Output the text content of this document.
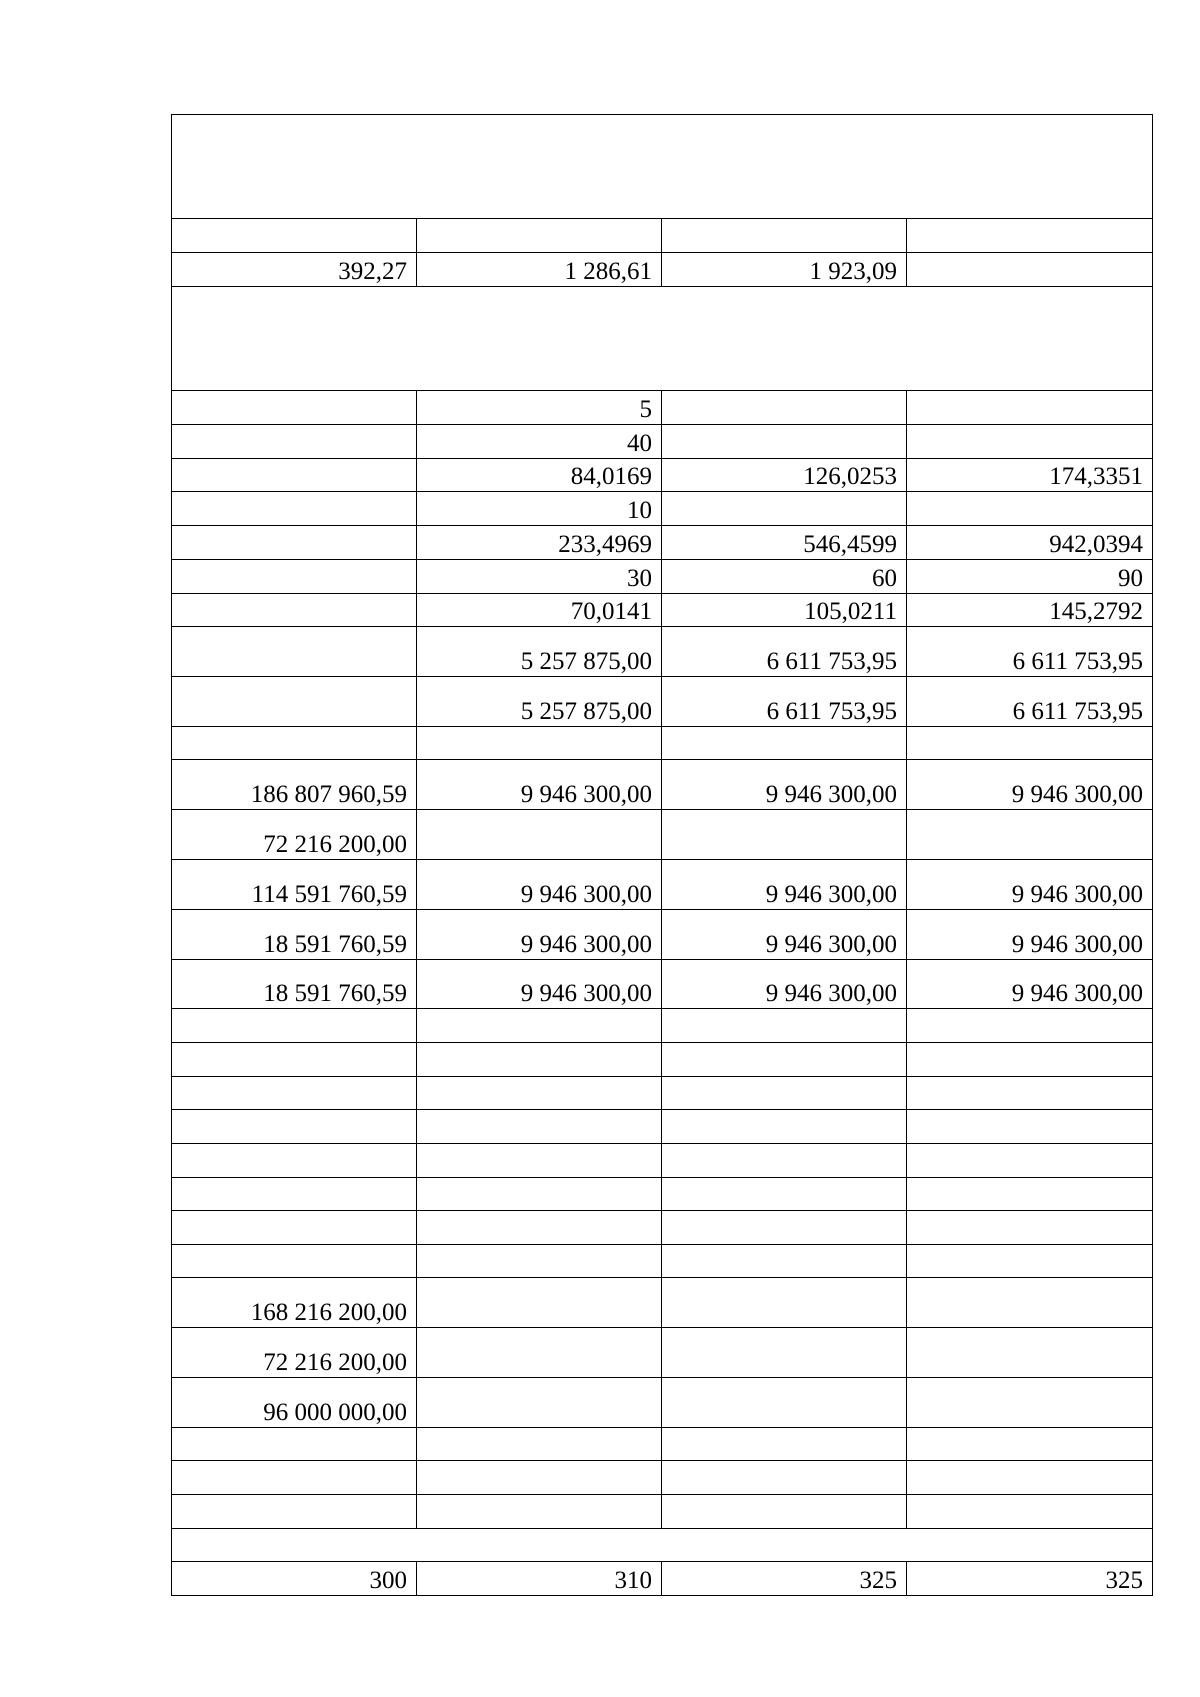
392,27	1 286,61	1 923,09	

	5		
	40		
	84,0169	126,0253	174,3351
	10		
	233,4969	546,4599	942,0394
	30	60	90
	70,0141	105,0211	145,2792
	5 257 875,00	6 611 753,95	6 611 753,95
	5 257 875,00	6 611 753,95	6 611 753,95

186 807 960,59	9 946 300,00	9 946 300,00	9 946 300,00
72 216 200,00			
114 591 760,59	9 946 300,00	9 946 300,00	9 946 300,00
18 591 760,59	9 946 300,00	9 946 300,00	9 946 300,00
18 591 760,59	9 946 300,00	9 946 300,00	9 946 300,00

168 216 200,00			
72 216 200,00			
96 000 000,00			

300	310	325	325
